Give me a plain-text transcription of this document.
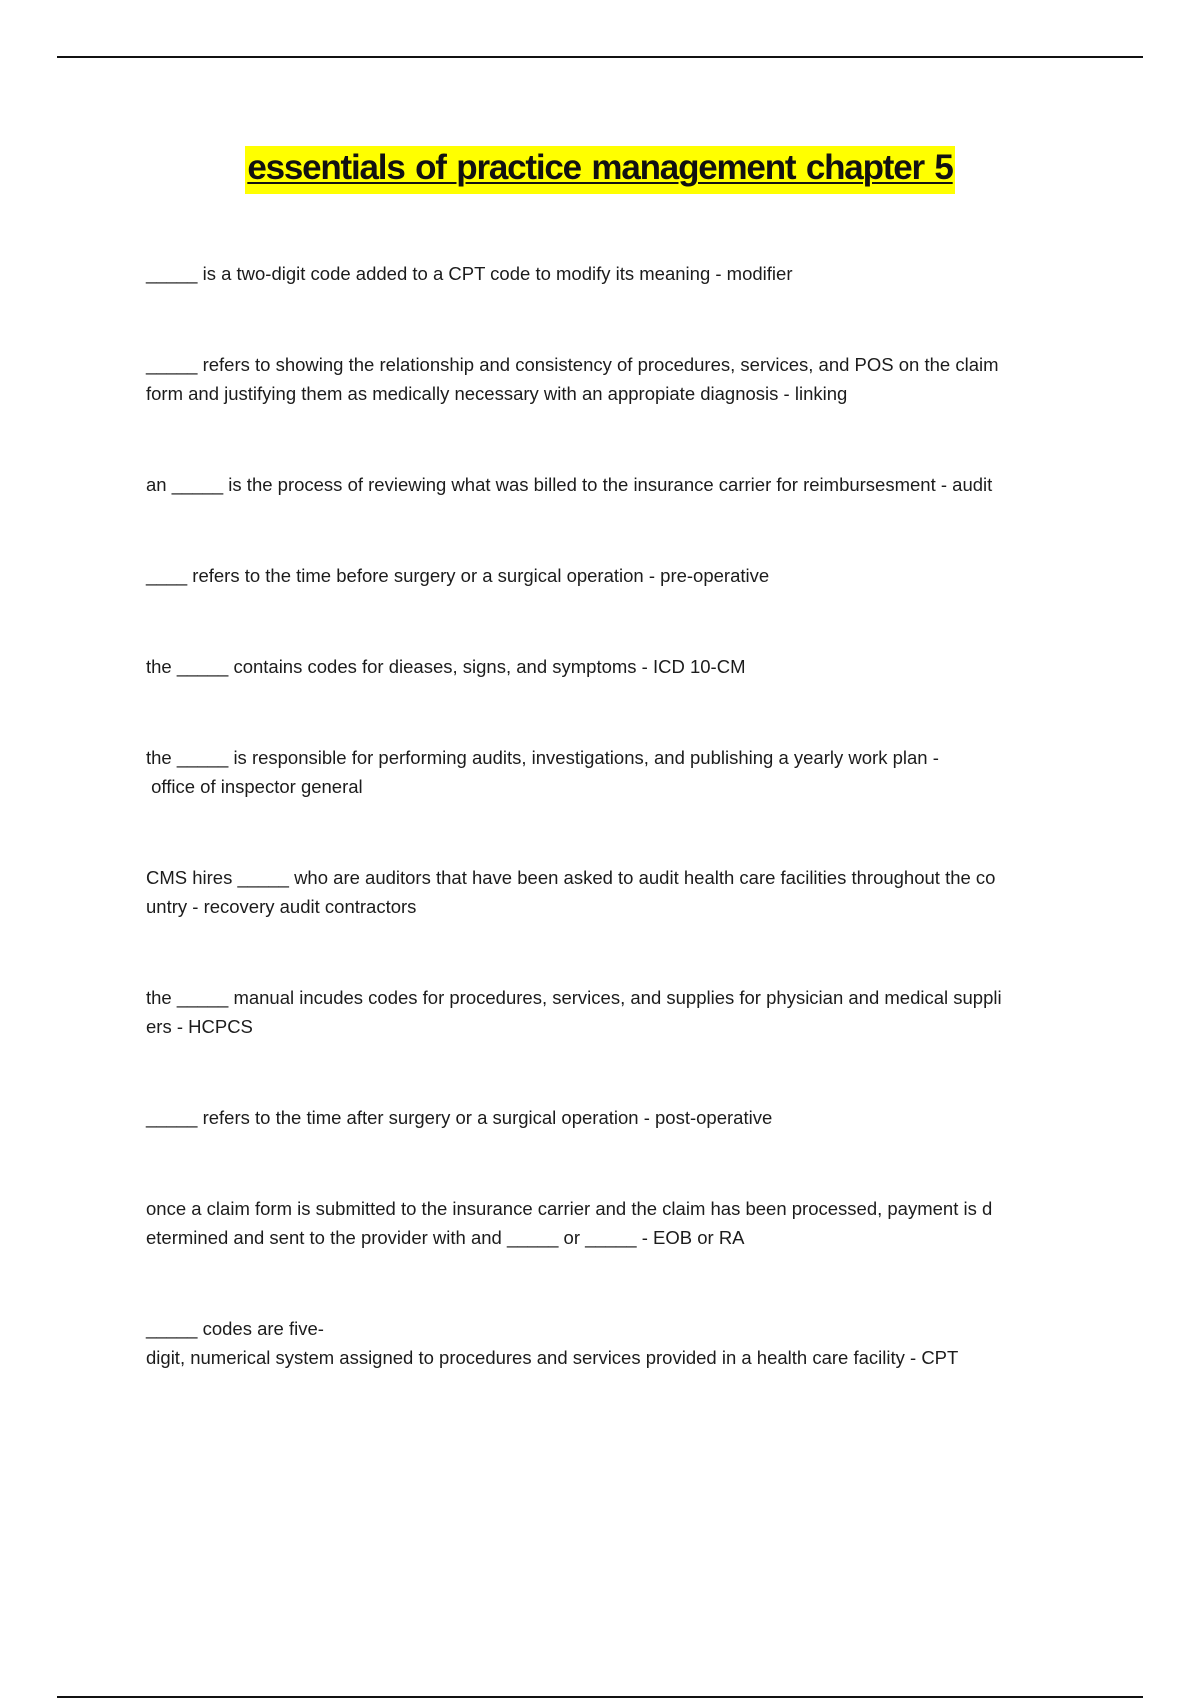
essentials of practice management chapter 5
_____ is a two-digit code added to a CPT code to modify its meaning - modifier
_____ refers to showing the relationship and consistency of procedures, services, and POS on the claim
form and justifying them as medically necessary with an appropiate diagnosis - linking
an _____ is the process of reviewing what was billed to the insurance carrier for reimbursesment - audit
____ refers to the time before surgery or a surgical operation - pre-operative
the _____ contains codes for dieases, signs, and symptoms - ICD 10-CM
the _____ is responsible for performing audits, investigations, and publishing a yearly work plan -
office of inspector general
CMS hires _____ who are auditors that have been asked to audit health care facilities throughout the co
untry - recovery audit contractors
the _____ manual incudes codes for procedures, services, and supplies for physician and medical suppli
ers - HCPCS
_____ refers to the time after surgery or a surgical operation - post-operative
once a claim form is submitted to the insurance carrier and the claim has been processed, payment is d
etermined and sent to the provider with and _____ or _____ - EOB or RA
_____ codes are five-
digit, numerical system assigned to procedures and services provided in a health care facility - CPT
